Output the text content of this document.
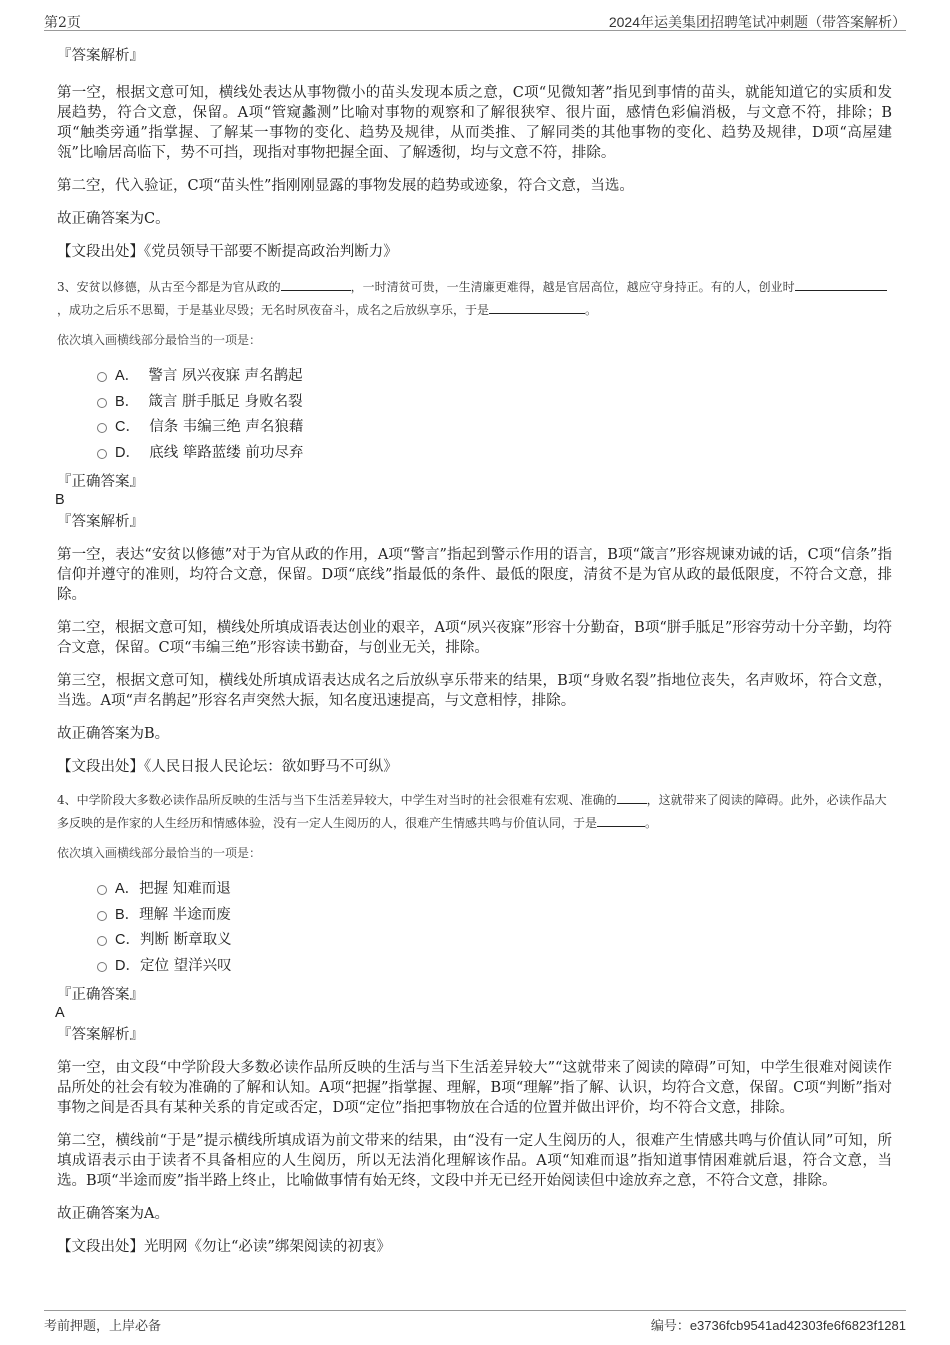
第2页	2024年运美集团招聘笔试冲刺题（带答案解析）

『答案解析』

第一空，根据文意可知，横线处表达从事物微小的苗头发现本质之意，C项“见微知著”指见到事情的苗头，就能知道它的实质和发展趋势，符合文意，保留。A项“管窥蠡测”比喻对事物的观察和了解很狭窄、很片面，感情色彩偏消极，与文意不符，排除；B项“触类旁通”指掌握、了解某一事物的变化、趋势及规律，从而类推、了解同类的其他事物的变化、趋势及规律，D项“高屋建瓴”比喻居高临下，势不可挡，现指对事物把握全面、了解透彻，均与文意不符，排除。

第二空，代入验证，C项“苗头性”指刚刚显露的事物发展的趋势或迹象，符合文意，当选。

故正确答案为C。

【文段出处】《党员领导干部要不断提高政治判断力》

3、安贫以修德，从古至今都是为官从政的	，一时清贫可贵，一生清廉更难得，越是官居高位，越应守身持正。有的人，创业时，成功之后乐不思蜀，于是基业尽毁；无名时夙夜奋斗，成名之后放纵享乐，于是	。

依次填入画横线部分最恰当的一项是：

A． 警言 夙兴夜寐 声名鹊起
B． 箴言 胼手胝足 身败名裂
C． 信条 韦编三绝 声名狼藉
D． 底线 筚路蓝缕 前功尽弃

『正确答案』

B

『答案解析』

第一空，表达“安贫以修德”对于为官从政的作用，A项“警言”指起到警示作用的语言，B项“箴言”形容规谏劝诫的话，C项“信条”指信仰并遵守的准则，均符合文意，保留。D项“底线”指最低的条件、最低的限度，清贫不是为官从政的最低限度，不符合文意，排除。

第二空，根据文意可知，横线处所填成语表达创业的艰辛，A项“夙兴夜寐”形容十分勤奋，B项“胼手胝足”形容劳动十分辛勤，均符合文意，保留。C项“韦编三绝”形容读书勤奋，与创业无关，排除。

第三空，根据文意可知，横线处所填成语表达成名之后放纵享乐带来的结果，B项“身败名裂”指地位丧失，名声败坏，符合文意，当选。A项“声名鹊起”形容名声突然大振，知名度迅速提高，与文意相悖，排除。

故正确答案为B。

【文段出处】《人民日报人民论坛：欲如野马不可纵》

4、中学阶段大多数必读作品所反映的生活与当下生活差异较大，中学生对当时的社会很难有宏观、准确的	，这就带来了阅读的障碍。此外，必读作品大多反映的是作家的人生经历和情感体验，没有一定人生阅历的人，很难产生情感共鸣与价值认同，于是	。

依次填入画横线部分最恰当的一项是：

A．把握 知难而退
B．理解 半途而废
C．判断 断章取义
D．定位 望洋兴叹

『正确答案』

A

『答案解析』

第一空，由文段“中学阶段大多数必读作品所反映的生活与当下生活差异较大”“这就带来了阅读的障碍”可知，中学生很难对阅读作品所处的社会有较为准确的了解和认知。A项“把握”指掌握、理解，B项“理解”指了解、认识，均符合文意，保留。C项“判断”指对事物之间是否具有某种关系的肯定或否定，D项“定位”指把事物放在合适的位置并做出评价，均不符合文意，排除。

第二空，横线前“于是”提示横线所填成语为前文带来的结果，由“没有一定人生阅历的人，很难产生情感共鸣与价值认同”可知，所填成语表示由于读者不具备相应的人生阅历，所以无法消化理解该作品。A项“知难而退”指知道事情困难就后退，符合文意，当选。B项“半途而废”指半路上终止，比喻做事情有始无终，文段中并无已经开始阅读但中途放弃之意，不符合文意，排除。

故正确答案为A。

【文段出处】光明网《勿让“必读”绑架阅读的初衷》

考前押题，上岸必备	编号：e3736fcb9541ad42303fe6f6823f1281
